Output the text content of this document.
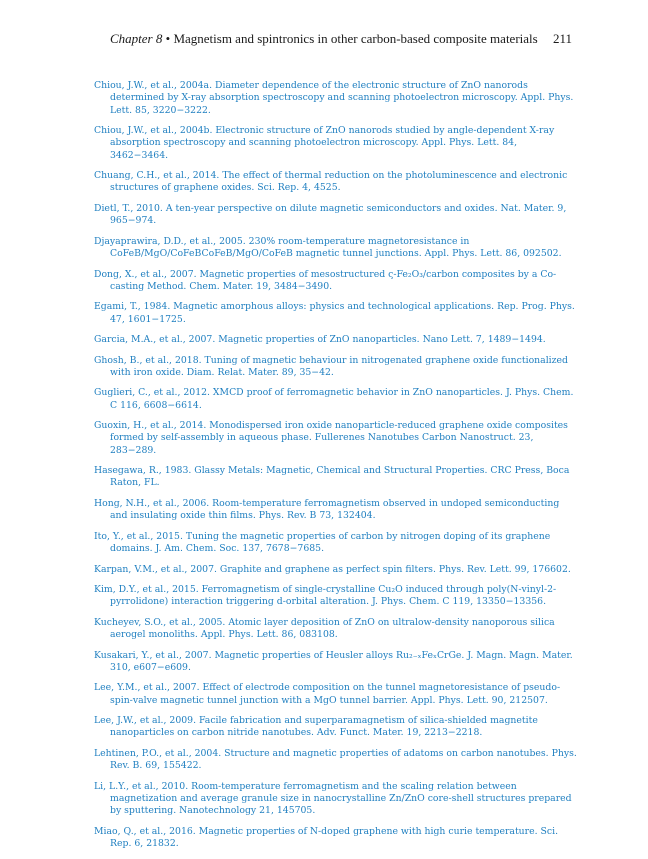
Chapter 8 • Magnetism and spintronics in other carbon-based composite materials 211

Chiou, J.W., et al., 2004a. Diameter dependence of the electronic structure of ZnO nanorods determined by X-ray absorption spectroscopy and scanning photoelectron microscopy. Appl. Phys. Lett. 85, 3220−3222.

Chiou, J.W., et al., 2004b. Electronic structure of ZnO nanorods studied by angle-dependent X-ray absorption spectroscopy and scanning photoelectron microscopy. Appl. Phys. Lett. 84, 3462−3464.

Chuang, C.H., et al., 2014. The effect of thermal reduction on the photoluminescence and electronic structures of graphene oxides. Sci. Rep. 4, 4525.

Dietl, T., 2010. A ten-year perspective on dilute magnetic semiconductors and oxides. Nat. Mater. 9, 965−974.

Djayaprawira, D.D., et al., 2005. 230% room-temperature magnetoresistance in CoFeB/MgO/CoFeBCoFeB/MgO/CoFeB magnetic tunnel junctions. Appl. Phys. Lett. 86, 092502.

Dong, X., et al., 2007. Magnetic properties of mesostructured ς-Fe₂O₃/carbon composites by a Co-casting Method. Chem. Mater. 19, 3484−3490.

Egami, T., 1984. Magnetic amorphous alloys: physics and technological applications. Rep. Prog. Phys. 47, 1601−1725.

Garcia, M.A., et al., 2007. Magnetic properties of ZnO nanoparticles. Nano Lett. 7, 1489−1494.

Ghosh, B., et al., 2018. Tuning of magnetic behaviour in nitrogenated graphene oxide functionalized with iron oxide. Diam. Relat. Mater. 89, 35−42.

Guglieri, C., et al., 2012. XMCD proof of ferromagnetic behavior in ZnO nanoparticles. J. Phys. Chem. C 116, 6608−6614.

Guoxin, H., et al., 2014. Monodispersed iron oxide nanoparticle-reduced graphene oxide composites formed by self-assembly in aqueous phase. Fullerenes Nanotubes Carbon Nanostruct. 23, 283−289.

Hasegawa, R., 1983. Glassy Metals: Magnetic, Chemical and Structural Properties. CRC Press, Boca Raton, FL.

Hong, N.H., et al., 2006. Room-temperature ferromagnetism observed in undoped semiconducting and insulating oxide thin films. Phys. Rev. B 73, 132404.

Ito, Y., et al., 2015. Tuning the magnetic properties of carbon by nitrogen doping of its graphene domains. J. Am. Chem. Soc. 137, 7678−7685.

Karpan, V.M., et al., 2007. Graphite and graphene as perfect spin filters. Phys. Rev. Lett. 99, 176602.

Kim, D.Y., et al., 2015. Ferromagnetism of single-crystalline Cu₂O induced through poly(N-vinyl-2-pyrrolidone) interaction triggering d-orbital alteration. J. Phys. Chem. C 119, 13350−13356.

Kucheyev, S.O., et al., 2005. Atomic layer deposition of ZnO on ultralow-density nanoporous silica aerogel monoliths. Appl. Phys. Lett. 86, 083108.

Kusakari, Y., et al., 2007. Magnetic properties of Heusler alloys Ru₂₋ₓFeₓCrGe. J. Magn. Magn. Mater. 310, e607−e609.

Lee, Y.M., et al., 2007. Effect of electrode composition on the tunnel magnetoresistance of pseudo-spin-valve magnetic tunnel junction with a MgO tunnel barrier. Appl. Phys. Lett. 90, 212507.

Lee, J.W., et al., 2009. Facile fabrication and superparamagnetism of silica-shielded magnetite nanoparticles on carbon nitride nanotubes. Adv. Funct. Mater. 19, 2213−2218.

Lehtinen, P.O., et al., 2004. Structure and magnetic properties of adatoms on carbon nanotubes. Phys. Rev. B. 69, 155422.

Li, L.Y., et al., 2010. Room-temperature ferromagnetism and the scaling relation between magnetization and average granule size in nanocrystalline Zn/ZnO core-shell structures prepared by sputtering. Nanotechnology 21, 145705.

Miao, Q., et al., 2016. Magnetic properties of N-doped graphene with high curie temperature. Sci. Rep. 6, 21832.
